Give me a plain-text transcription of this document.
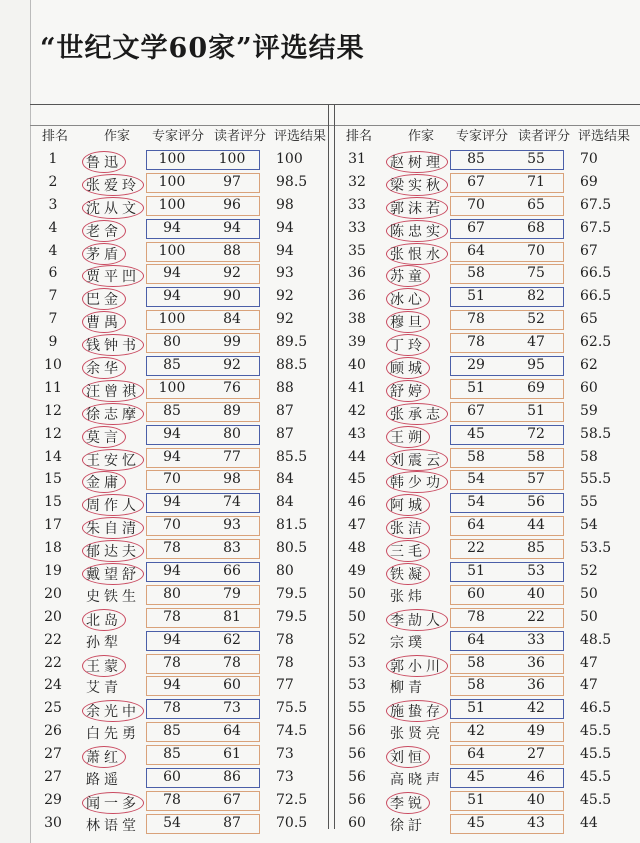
“世纪文学60家”评选结果
排名	作家 专家评分 读者评分 评选结果
1	鲁迅	100	100	100
2	张爱玲	100	97	98.5
3	沈从文	100	96	98
4	老舍	94	94	94
4	茅盾	100	88	94
6	贾平凹	94	92	93
7	巴金	94	90	92
7	曹禺	100	84	92
9	钱钟书	80	99	89.5
10	余华	85	92	88.5
11	汪曾祺	100	76	88
12	徐志摩	85	89	87
12	莫言	94	80	87
14	王安忆	94	77	85.5
15	金庸	70	98	84
15	周作人	94	74	84
17	朱自清	70	93	81.5
18	郁达夫	78	83	80.5
19	戴望舒	94	66	80
20	史铁生	80	79	79.5
20	北岛	78	81	79.5
22	孙犁	94	62	78
22	王蒙	78	78	78
24	艾青	94	60	77
25	余光中	78	73	75.5
26	白先勇	85	64	74.5
27	萧红	85	61	73
27	路遥	60	86	73
29	闻一多	78	67	72.5
30	林语堂	54	87	70.5
排名	作家 专家评分 读者评分 评选结果
31	赵树理	85	55	70
32	梁实秋	67	71	69
33	郭沫若	70	65	67.5
33	陈忠实	67	68	67.5
35	张恨水	64	70	67
36	苏童	58	75	66.5
36	冰心	51	82	66.5
38	穆旦	78	52	65
39	丁玲	78	47	62.5
40	顾城	29	95	62
41	舒婷	51	69	60
42	张承志	67	51	59
43	王朔	45	72	58.5
44	刘震云	58	58	58
45	韩少功	54	57	55.5
46	阿城	54	56	55
47	张洁	64	44	54
48	三毛	22	85	53.5
49	铁凝	51	53	52
50	张炜	60	40	50
50	李劼人	78	22	50
52	宗璞	64	33	48.5
53	郭小川	58	36	47
53	柳青	58	36	47
55	施蛰存	51	42	46.5
56	张贤亮	42	49	45.5
56	刘恒	64	27	45.5
56	高晓声	45	46	45.5
56	李锐	51	40	45.5
60	徐訏	45	43	44
